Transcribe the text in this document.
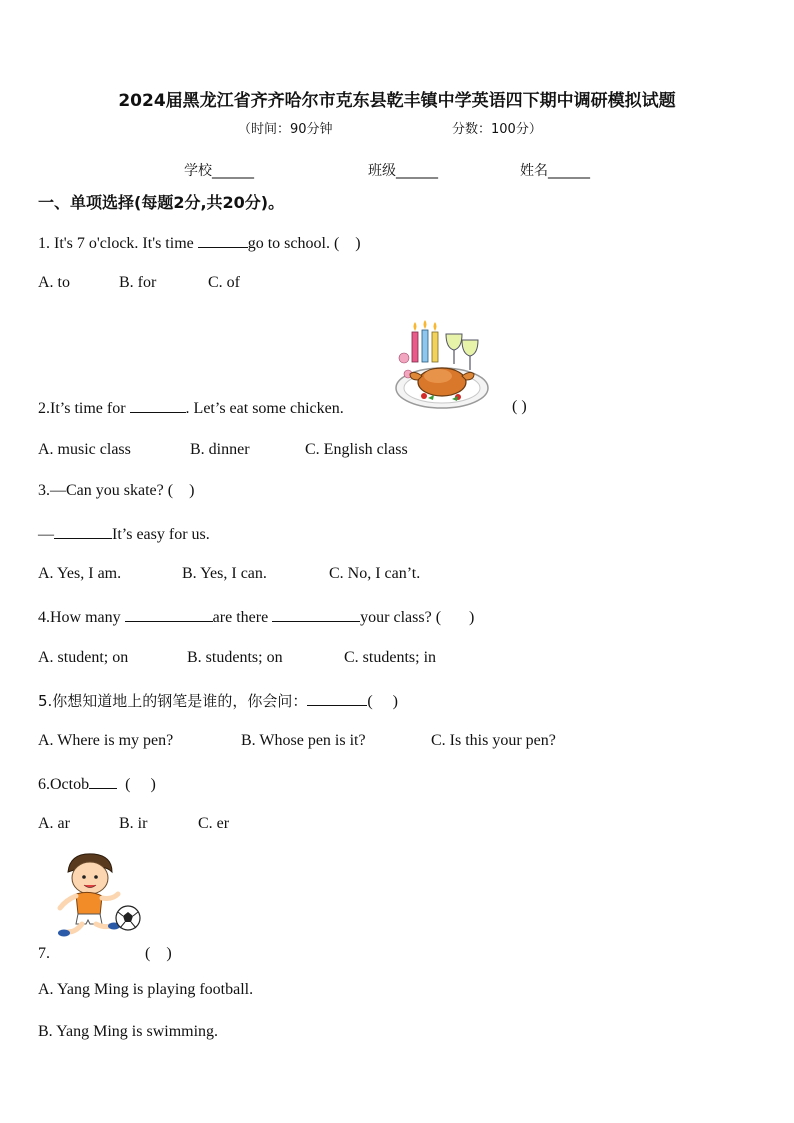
2024届黑龙江省齐齐哈尔市克东县乾丰镇中学英语四下期中调研模拟试题
（时间：90分钟	分数：100分）
学校______	班级______	姓名______
一、单项选择(每题2分,共20分)。
1. It's 7 o'clock. It's time	go to school. ( )
A. to	B. for	C. of
2.It’s time for	. Let’s eat some chicken.	( )
A. music class	B. dinner	C. English class
3.—Can you skate? ( )
—	It’s easy for us.
A. Yes, I am.	B. Yes, I can.	C. No, I can’t.
4.How many	are there	your class? ( )
A. student; on	B. students; on	C. students; in
5.你想知道地上的钢笔是谁的，你会问：	( )
A. Where is my pen?	B. Whose pen is it?	C. Is this your pen?
6.Octob ( )
A. ar	B. ir	C. er
7.	( )
A. Yang Ming is playing football.
B. Yang Ming is swimming.
